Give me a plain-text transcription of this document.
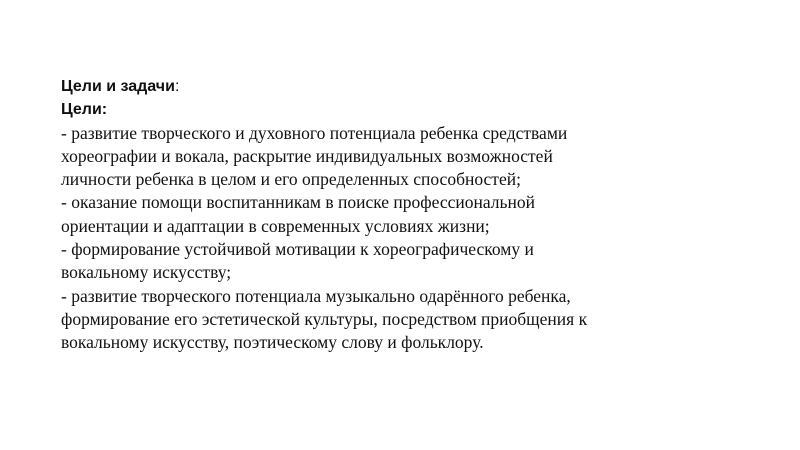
Цели и задачи:
Цели:
- развитие творческого и духовного потенциала ребенка средствами
хореографии и вокала, раскрытие индивидуальных возможностей
личности ребенка в целом и его определенных способностей;
- оказание помощи воспитанникам в поиске профессиональной
ориентации и адаптации в современных условиях жизни;
- формирование устойчивой мотивации к хореографическому и
вокальному искусству;
- развитие творческого потенциала музыкально одарённого ребенка,
формирование его эстетической культуры, посредством приобщения к
вокальному искусству, поэтическому слову и фольклору.
